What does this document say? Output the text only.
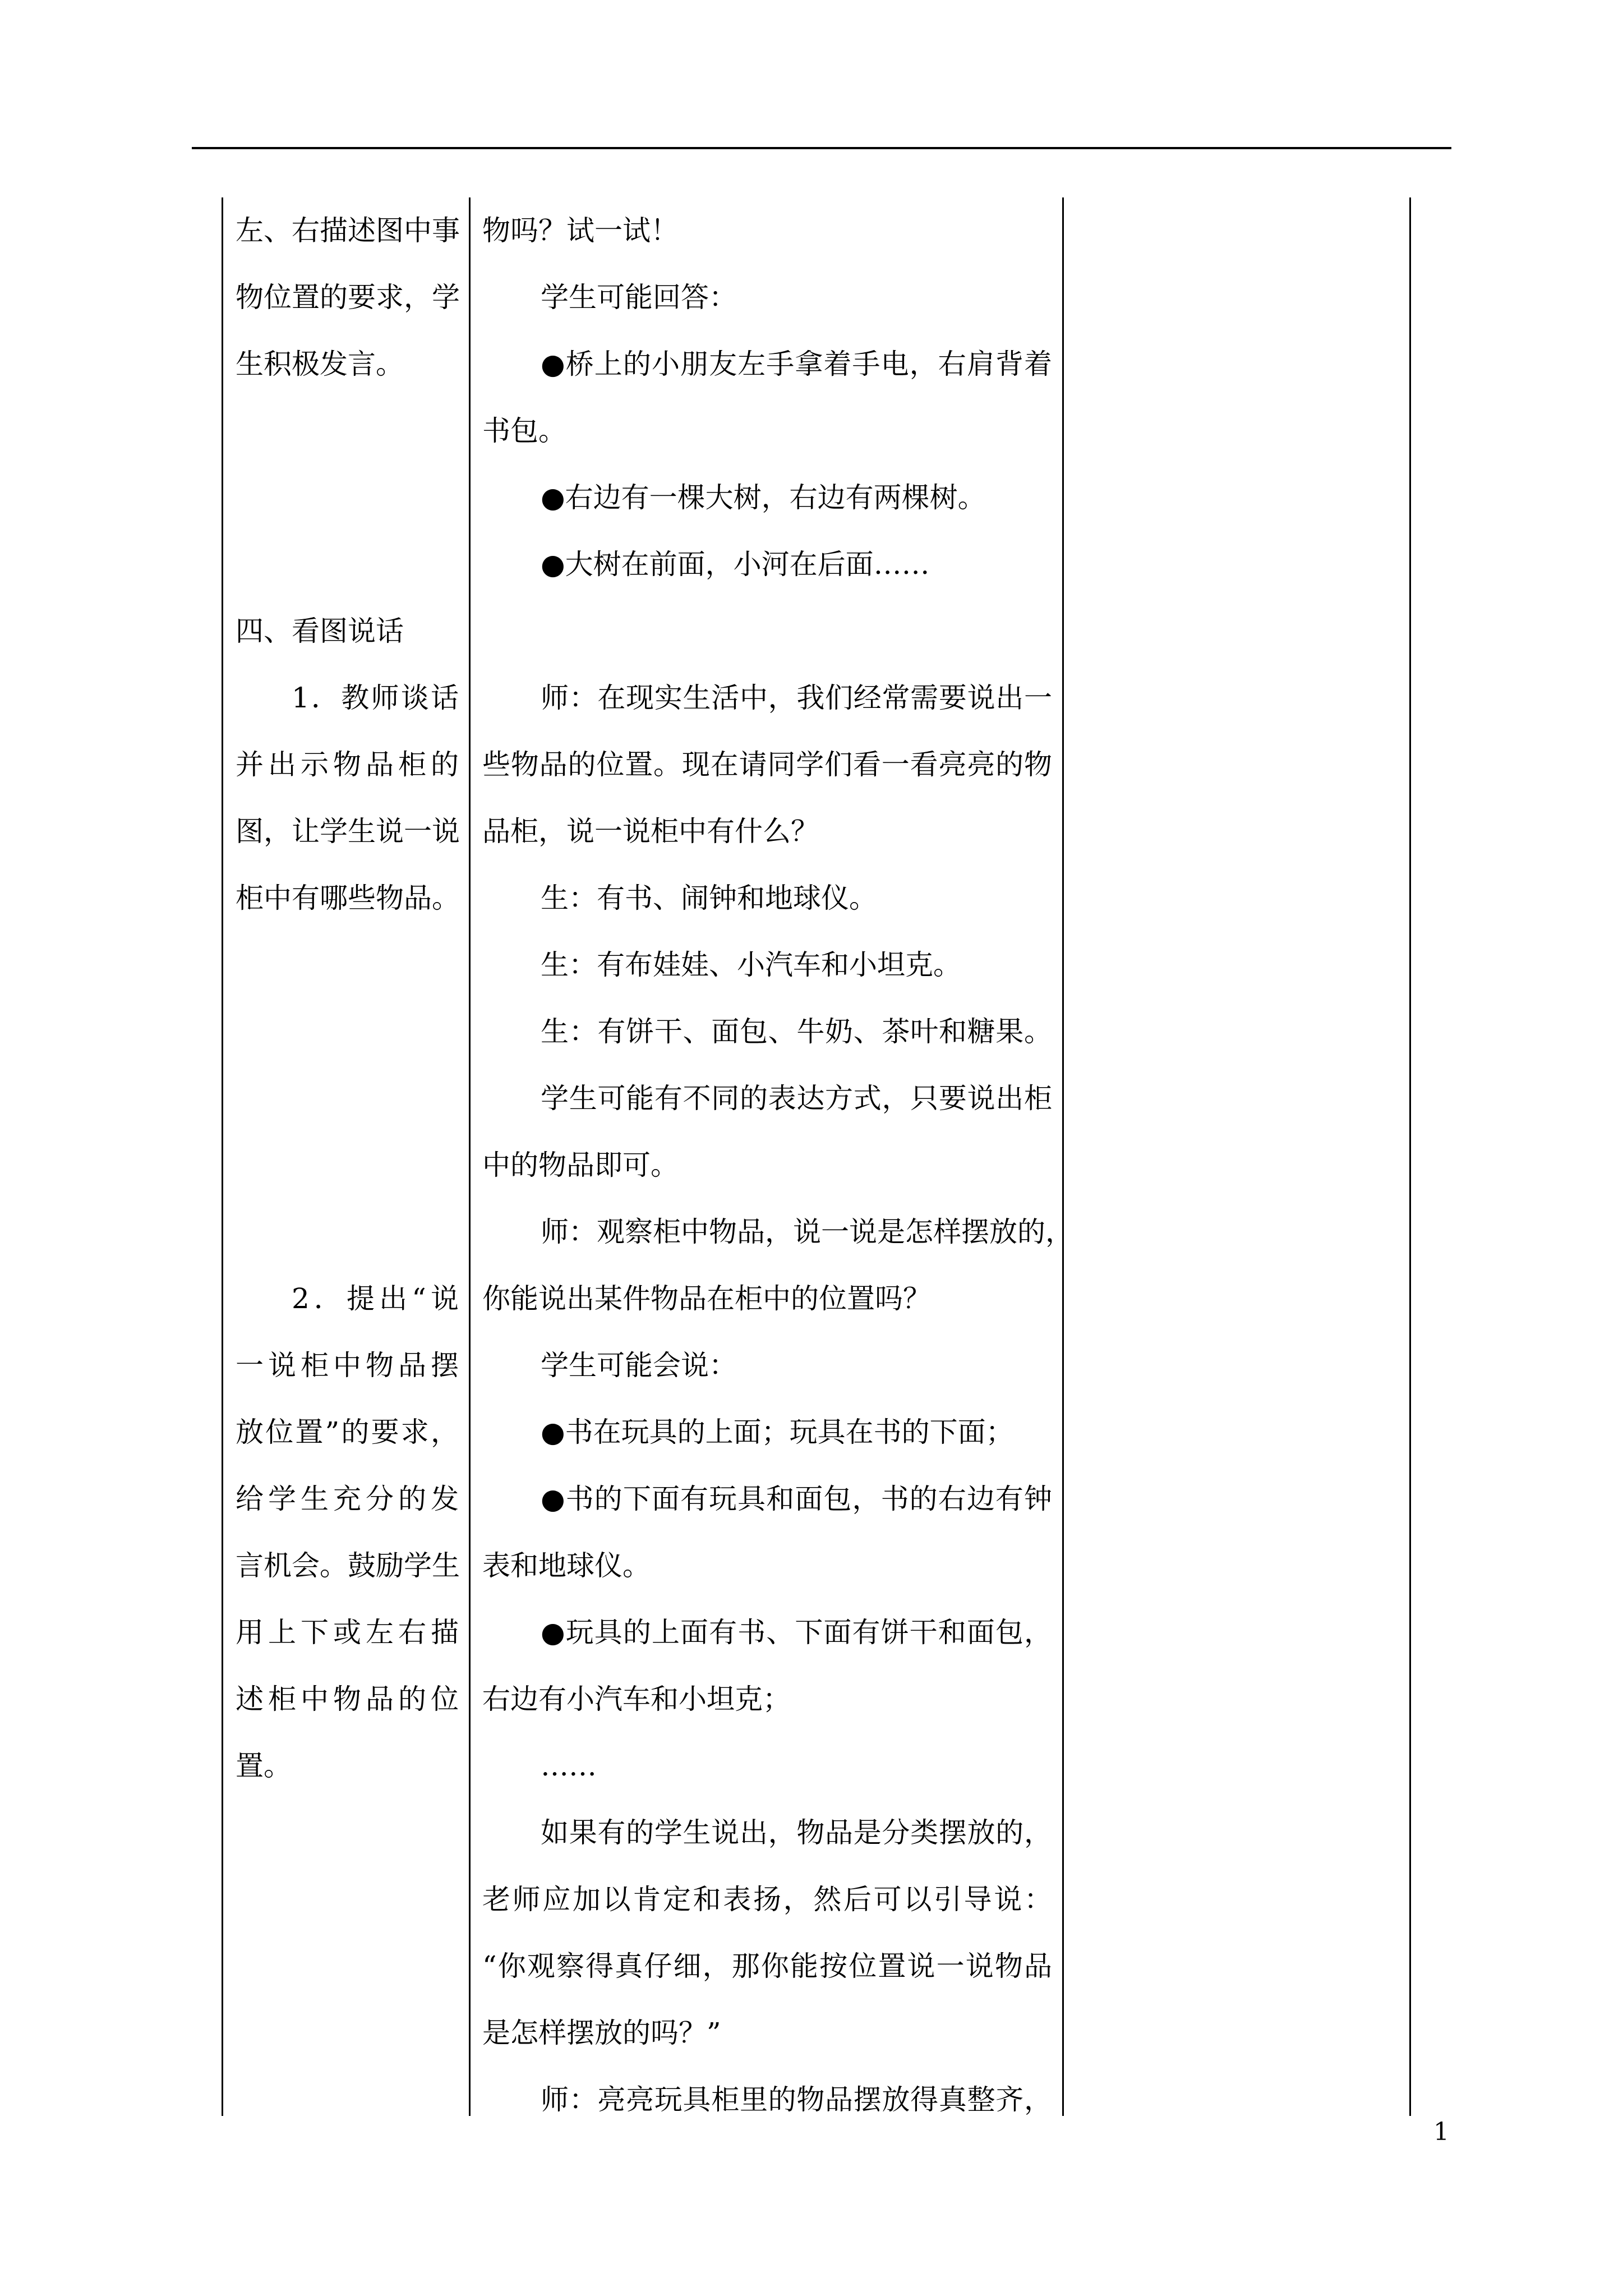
左、右描述图中事

物位置的要求，学

生积极发言。

四、看图说话

1．教师谈话

并出示物品柜的

图，让学生说一说

柜中有哪些物品。

2．提出“说

一说柜中物品摆

放位置”的要求，

给学生充分的发

言机会。鼓励学生

用上下或左右描

述柜中物品的位

置。

物吗？试一试！

学生可能回答：

●桥上的小朋友左手拿着手电，右肩背着

书包。

●右边有一棵大树，右边有两棵树。

●大树在前面，小河在后面……

师：在现实生活中，我们经常需要说出一

些物品的位置。现在请同学们看一看亮亮的物

品柜，说一说柜中有什么？

生：有书、闹钟和地球仪。

生：有布娃娃、小汽车和小坦克。

生：有饼干、面包、牛奶、茶叶和糖果。

学生可能有不同的表达方式，只要说出柜

中的物品即可。

师：观察柜中物品，说一说是怎样摆放的，

你能说出某件物品在柜中的位置吗？

学生可能会说：

●书在玩具的上面；玩具在书的下面；

●书的下面有玩具和面包，书的右边有钟

表和地球仪。

●玩具的上面有书、下面有饼干和面包，

右边有小汽车和小坦克；

……

如果有的学生说出，物品是分类摆放的，

老师应加以肯定和表扬，然后可以引导说：

“你观察得真仔细，那你能按位置说一说物品

是怎样摆放的吗？”

师：亮亮玩具柜里的物品摆放得真整齐，

1
